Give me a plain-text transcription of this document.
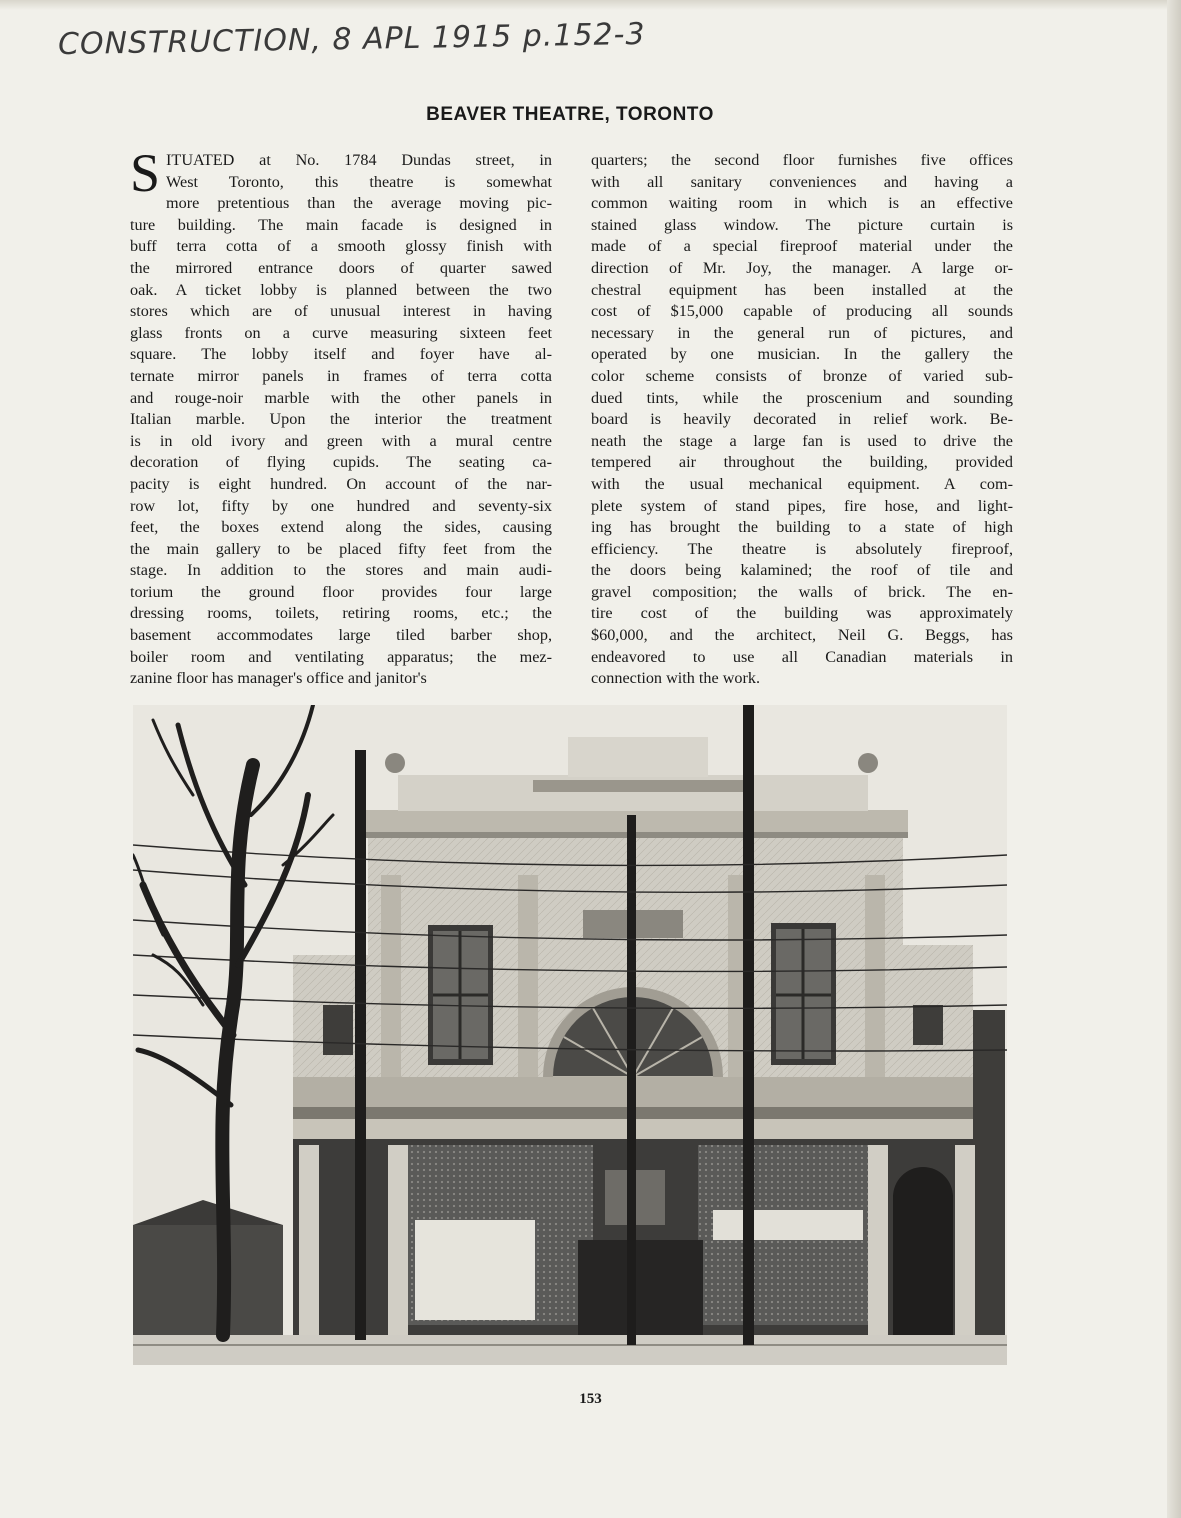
CONSTRUCTION, 8 APL 1915 p.152-3
BEAVER THEATRE, TORONTO
S ITUATED at No. 1784 Dundas street, in
West Toronto, this theatre is somewhat
more pretentious than the average moving pic-
ture building. The main facade is designed in
buff terra cotta of a smooth glossy finish with
the mirrored entrance doors of quarter sawed
oak. A ticket lobby is planned between the two
stores which are of unusual interest in having
glass fronts on a curve measuring sixteen feet
square. The lobby itself and foyer have al-
ternate mirror panels in frames of terra cotta
and rouge-noir marble with the other panels in
Italian marble. Upon the interior the treatment
is in old ivory and green with a mural centre
decoration of flying cupids. The seating ca-
pacity is eight hundred. On account of the nar-
row lot, fifty by one hundred and seventy-six
feet, the boxes extend along the sides, causing
the main gallery to be placed fifty feet from the
stage. In addition to the stores and main audi-
torium the ground floor provides four large
dressing rooms, toilets, retiring rooms, etc.; the
basement accommodates large tiled barber shop,
boiler room and ventilating apparatus; the mez-
zanine floor has manager's office and janitor's
quarters; the second floor furnishes five offices
with all sanitary conveniences and having a
common waiting room in which is an effective
stained glass window. The picture curtain is
made of a special fireproof material under the
direction of Mr. Joy, the manager. A large or-
chestral equipment has been installed at the
cost of $15,000 capable of producing all sounds
necessary in the general run of pictures, and
operated by one musician. In the gallery the
color scheme consists of bronze of varied sub-
dued tints, while the proscenium and sounding
board is heavily decorated in relief work. Be-
neath the stage a large fan is used to drive the
tempered air throughout the building, provided
with the usual mechanical equipment. A com-
plete system of stand pipes, fire hose, and light-
ing has brought the building to a state of high
efficiency. The theatre is absolutely fireproof,
the doors being kalamined; the roof of tile and
gravel composition; the walls of brick. The en-
tire cost of the building was approximately
$60,000, and the architect, Neil G. Beggs, has
endeavored to use all Canadian materials in
connection with the work.
153
